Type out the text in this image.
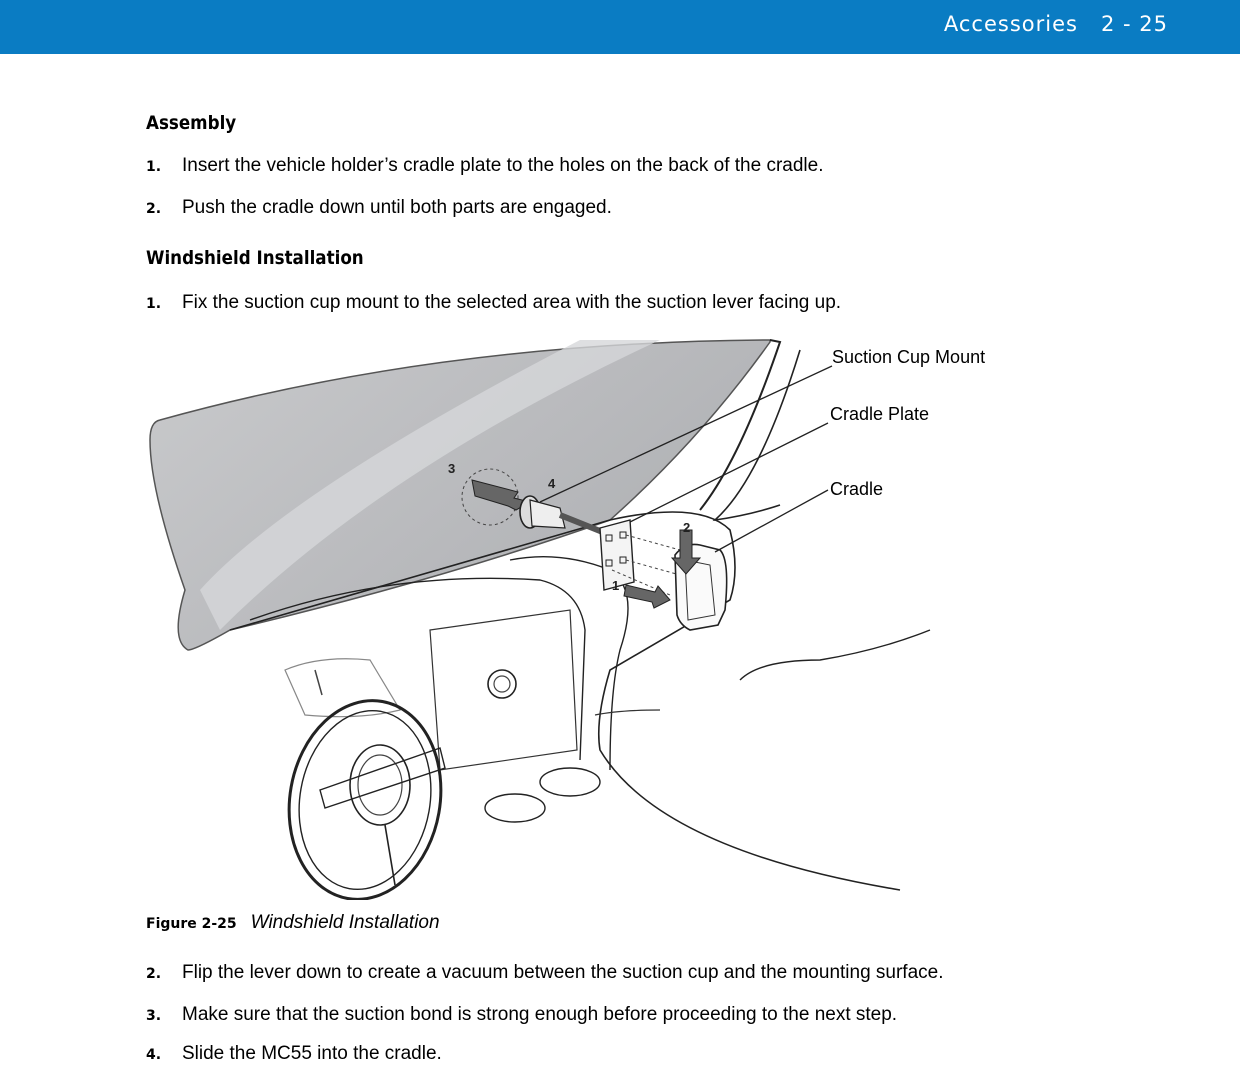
Accessories 2 - 25
Assembly
1. Insert the vehicle holder’s cradle plate to the holes on the back of the cradle.
2. Push the cradle down until both parts are engaged.
Windshield Installation
1. Fix the suction cup mount to the selected area with the suction lever facing up.
1
2
3
4
Suction Cup Mount
Cradle Plate
Cradle
Figure 2-25 Windshield Installation
2. Flip the lever down to create a vacuum between the suction cup and the mounting surface.
3. Make sure that the suction bond is strong enough before proceeding to the next step.
4. Slide the MC55 into the cradle.
